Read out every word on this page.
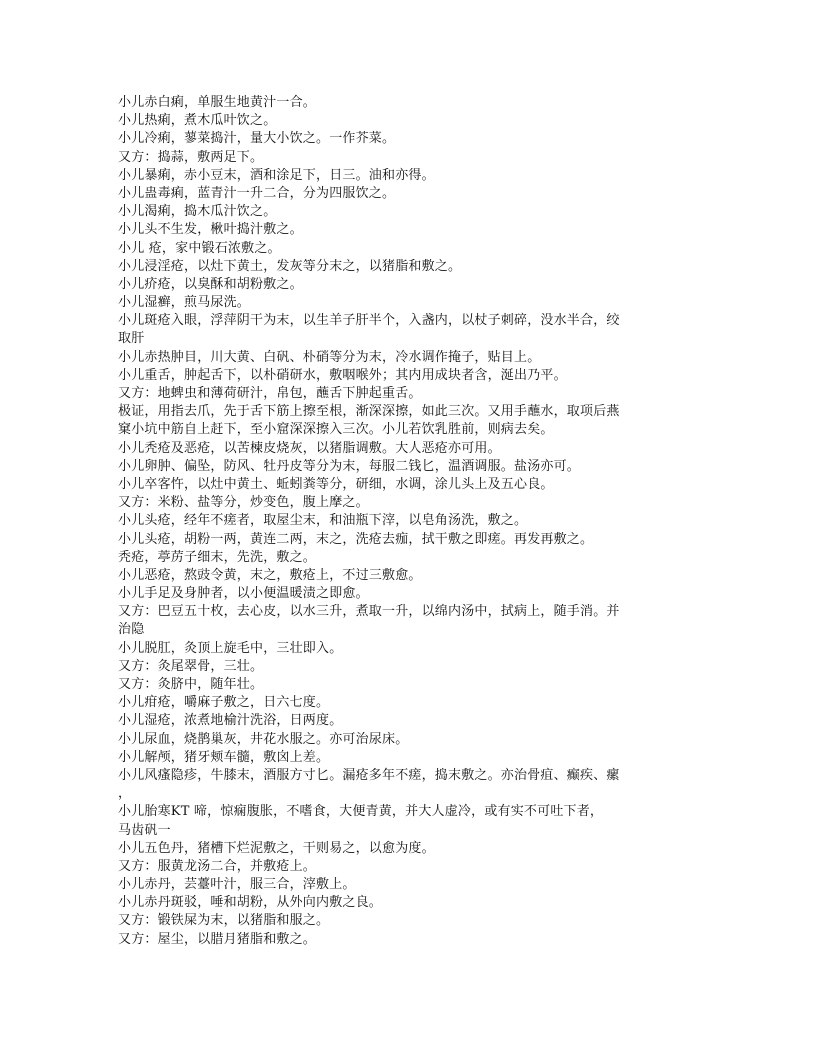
小儿赤白痢，单服生地黄汁一合。
小儿热痢，煮木瓜叶饮之。
小儿冷痢，蓼菜捣汁，量大小饮之。一作芥菜。
又方：捣蒜，敷两足下。
小儿暴痢，赤小豆末，酒和涂足下，日三。油和亦得。
小儿蛊毒痢，蓝青汁一升二合，分为四服饮之。
小儿渴痢，捣木瓜汁饮之。
小儿头不生发，楸叶捣汁敷之。
小儿 疮，家中锻石浓敷之。
小儿浸淫疮，以灶下黄土，发灰等分末之，以猪脂和敷之。
小儿疥疮，以臭酥和胡粉敷之。
小儿湿癣，煎马尿洗。
小儿斑疮入眼，浮萍阴干为末，以生羊子肝半个，入盏内，以杖子刺碎，没水半合，绞
取肝
小儿赤热肿目，川大黄、白矾、朴硝等分为末，冷水调作掩子，贴目上。
小儿重舌，肿起舌下，以朴硝研水，敷咽喉外；其内用成块者含，涎出乃平。
又方：地蜱虫和薄荷研汁，帛包，蘸舌下肿起重舌。
极证，用指去爪，先于舌下筋上擦至根，渐深深擦，如此三次。又用手蘸水，取项后燕
窠小坑中筋自上赶下，至小窟深深擦入三次。小儿若饮乳胜前，则病去矣。
小儿秃疮及恶疮，以苦楝皮烧灰，以猪脂调敷。大人恶疮亦可用。
小儿卵肿、偏坠，防风、牡丹皮等分为末，每服二钱匕，温酒调服。盐汤亦可。
小儿卒客忤，以灶中黄土、蚯蚓粪等分，研细，水调，涂儿头上及五心良。
又方：米粉、盐等分，炒变色，腹上摩之。
小儿头疮，经年不瘥者，取屋尘末，和油瓶下滓，以皂角汤洗，敷之。
小儿头疮，胡粉一两，黄连二两，末之，洗疮去痂，拭干敷之即瘥。再发再敷之。
秃疮，葶苈子细末，先洗，敷之。
小儿恶疮，熬豉令黄，末之，敷疮上，不过三敷愈。
小儿手足及身肿者，以小便温暖渍之即愈。
又方：巴豆五十枚，去心皮，以水三升，煮取一升，以绵内汤中，拭病上，随手消。并
治隐
小儿脱肛，灸顶上旋毛中，三壮即入。
又方：灸尾翠骨，三壮。
又方：灸脐中，随年壮。
小儿疳疮，嚼麻子敷之，日六七度。
小儿湿疮，浓煮地榆汁洗浴，日两度。
小儿尿血，烧鹊巢灰，井花水服之。亦可治尿床。
小儿解颅，猪牙颊车髓，敷囟上差。
小儿风瘙隐疹，牛膝末，酒服方寸匕。漏疮多年不瘥，捣末敷之。亦治骨疽、癫疾、瘰
，
小儿胎寒KT 啼，惊痫腹胀，不嗜食，大便青黄，并大人虚冷，或有实不可吐下者，
马齿矾一
小儿五色丹，猪槽下烂泥敷之，干则易之，以愈为度。
又方：服黄龙汤二合，并敷疮上。
小儿赤丹，芸薹叶汁，服三合，滓敷上。
小儿赤丹斑驳，唾和胡粉，从外向内敷之良。
又方：锻铁屎为末，以猪脂和服之。
又方：屋尘，以腊月猪脂和敷之。
